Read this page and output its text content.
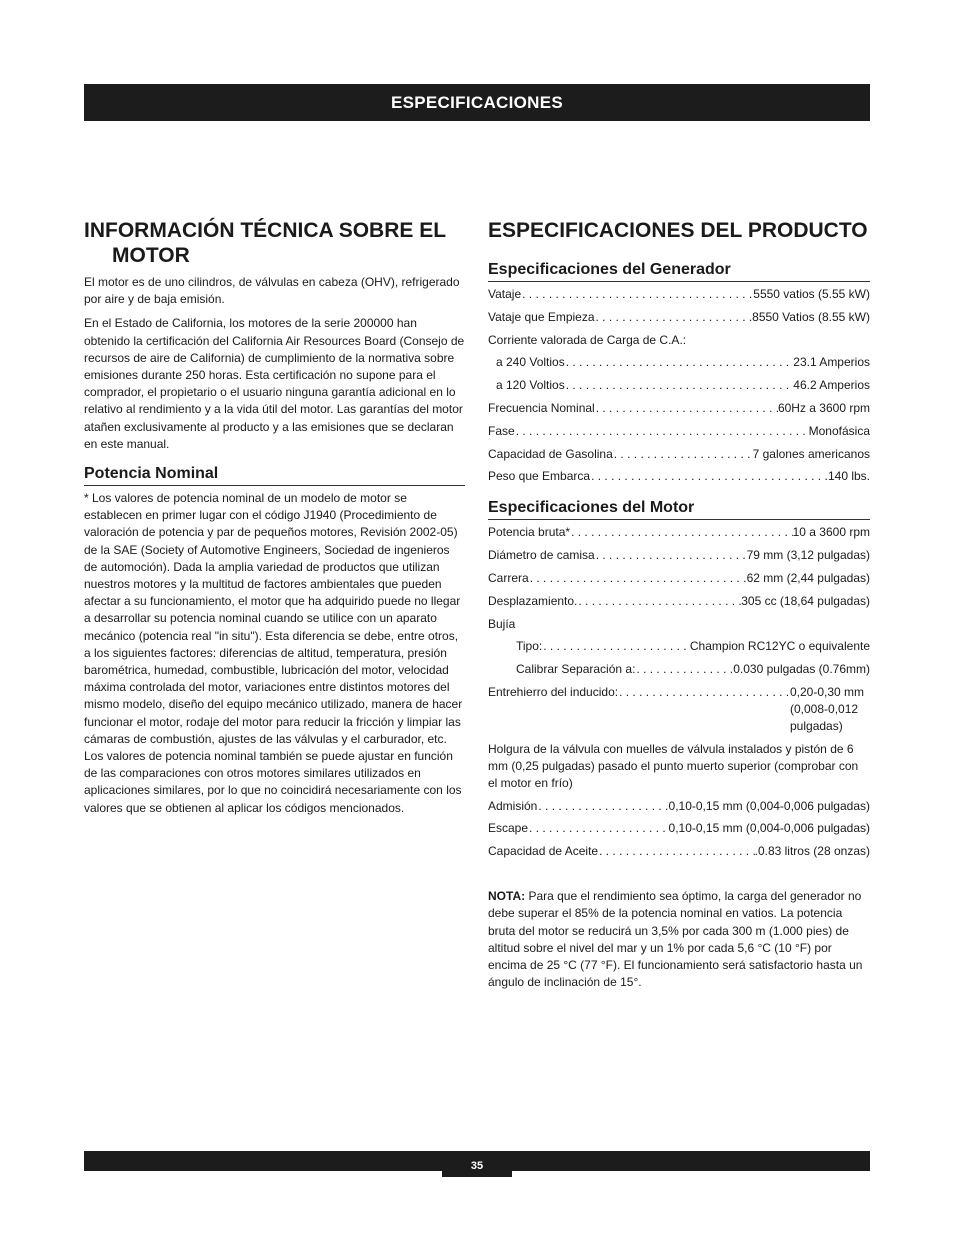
ESPECIFICACIONES
INFORMACIÓN TÉCNICA SOBRE EL MOTOR

El motor es de uno cilindros, de válvulas en cabeza (OHV), refrigerado por aire y de baja emisión.

En el Estado de California, los motores de la serie 200000 han obtenido la certificación del California Air Resources Board (Consejo de recursos de aire de California) de cumplimiento de la normativa sobre emisiones durante 250 horas. Esta certificación no supone para el comprador, el propietario o el usuario ninguna garantía adicional en lo relativo al rendimiento y a la vida útil del motor. Las garantías del motor atañen exclusivamente al producto y a las emisiones que se declaran en este manual.

Potencia Nominal

* Los valores de potencia nominal de un modelo de motor se establecen en primer lugar con el código J1940 (Procedimiento de valoración de potencia y par de pequeños motores, Revisión 2002-05) de la SAE (Society of Automotive Engineers, Sociedad de ingenieros de automoción). Dada la amplia variedad de productos que utilizan nuestros motores y la multitud de factores ambientales que pueden afectar a su funcionamiento, el motor que ha adquirido puede no llegar a desarrollar su potencia nominal cuando se utilice con un aparato mecánico (potencia real "in situ"). Esta diferencia se debe, entre otros, a los siguientes factores: diferencias de altitud, temperatura, presión barométrica, humedad, combustible, lubricación del motor, velocidad máxima controlada del motor, variaciones entre distintos motores del mismo modelo, diseño del equipo mecánico utilizado, manera de hacer funcionar el motor, rodaje del motor para reducir la fricción y limpiar las cámaras de combustión, ajustes de las válvulas y el carburador, etc. Los valores de potencia nominal también se puede ajustar en función de las comparaciones con otros motores similares utilizados en aplicaciones similares, por lo que no coincidirá necesariamente con los valores que se obtienen al aplicar los códigos mencionados.

ESPECIFICACIONES DEL PRODUCTO
Especificaciones del Generador
Vataje . . .	5550 vatios (5.55 kW)
Vataje que Empieza . . .	8550 Vatios (8.55 kW)
Corriente valorada de Carga de C.A.:
a 240 Voltios . . .	23.1 Amperios
a 120 Voltios . . .	46.2 Amperios
Frecuencia Nominal . . .	60Hz a 3600 rpm
Fase . . .	Monofásica
Capacidad de Gasolina . . .	7 galones americanos
Peso que Embarca . . .	140 lbs.
Especificaciones del Motor
Potencia bruta* . . .	10 a 3600 rpm
Diámetro de camisa . . .	79 mm (3,12 pulgadas)
Carrera . . .	62 mm (2,44 pulgadas)
Desplazamiento. . . .	305 cc (18,64 pulgadas)
Bujía
Tipo: . . .	Champion RC12YC o equivalente
Calibrar Separación a: . . .	0.030 pulgadas (0.76mm)
Entrehierro del inducido: . . .	0,20-0,30 mm (0,008-0,012 pulgadas)
Holgura de la válvula con muelles de válvula instalados y pistón de 6 mm (0,25 pulgadas) pasado el punto muerto superior (comprobar con el motor en frío)
Admisión . . .	0,10-0,15 mm (0,004-0,006 pulgadas)
Escape . . .	0,10-0,15 mm (0,004-0,006 pulgadas)
Capacidad de Aceite . . .	.0.83 litros (28 onzas)
NOTA: Para que el rendimiento sea óptimo, la carga del generador no debe superar el 85% de la potencia nominal en vatios. La potencia bruta del motor se reducirá un 3,5% por cada 300 m (1.000 pies) de altitud sobre el nivel del mar y un 1% por cada 5,6 °C (10 °F) por encima de 25 °C (77 °F). El funcionamiento será satisfactorio hasta un ángulo de inclinación de 15°.
35
